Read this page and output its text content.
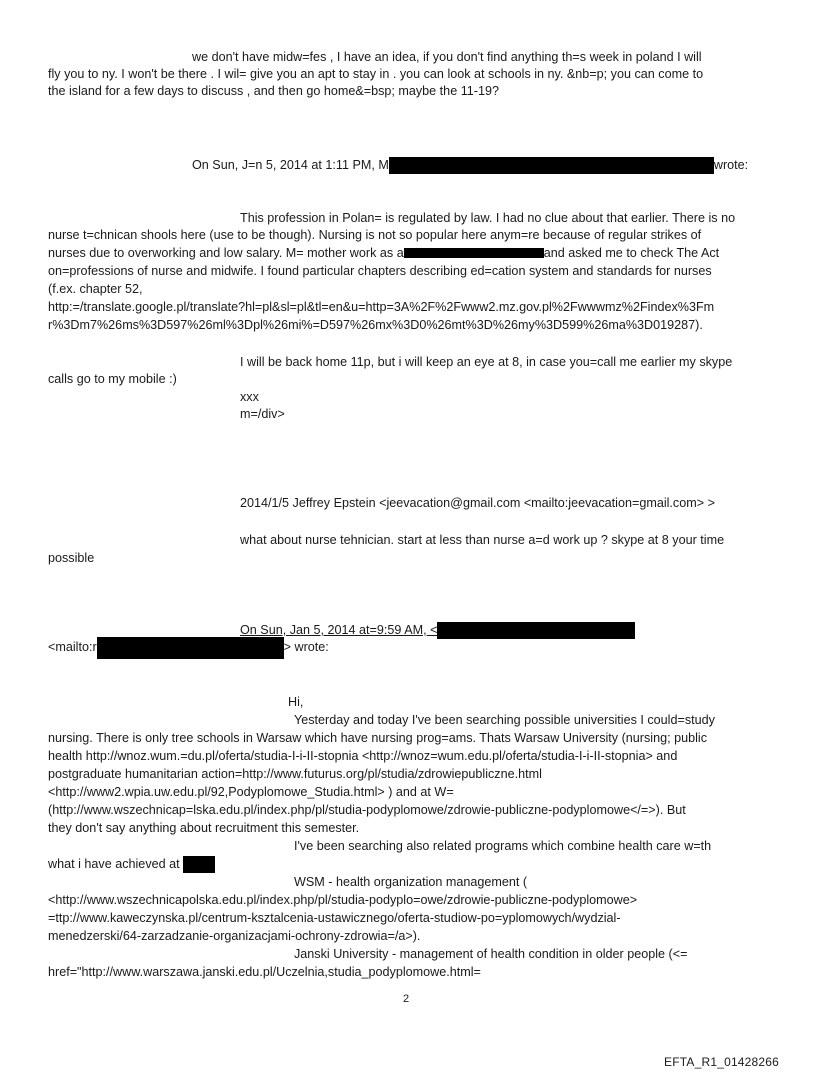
we don't have midw=fes , I have an idea, if you don't find anything th=s week in poland I will
fly you to ny. I won't be there . I wil= give you an apt to stay in . you can look at schools in ny. &nb=p; you can come to
the island for a few days to discuss , and then go home&=bsp; maybe the 11-19?
On Sun, J=n 5, 2014 at 1:11 PM, M	wrote:
This profession in Polan= is regulated by law. I had no clue about that earlier. There is no
nurse t=chnican shools here (use to be though). Nursing is not so popular here anym=re because of regular strikes of
nurses due to overworking and low salary. M= mother work as a	and asked me to check The Act
on=professions of nurse and midwife. I found particular chapters describing ed=cation system and standards for nurses
(f.ex. chapter 52,
http:=/translate.google.pl/translate?hl=pl&sl=pl&tl=en&u=http=3A%2F%2Fwww2.mz.gov.pl%2Fwwwmz%2Findex%3Fm
r%3Dm7%26ms%3D597%26ml%3Dpl%26mi%=D597%26mx%3D0%26mt%3D%26my%3D599%26ma%3D019287).
I will be back home 11p, but i will keep an eye at 8, in case you=call me earlier my skype
calls go to my mobile :)
xxx
m=/div>
2014/1/5 Jeffrey Epstein <jeevacation@gmail.com <mailto:jeevacation=gmail.com> >
what about nurse tehnician. start at less than nurse a=d work up ? skype at 8 your time
possible
On Sun, Jan 5, 2014 at=9:59 AM, <
<mailto:r	> wrote:
Hi,
Yesterday and today I've been searching possible universities I could=study
nursing. There is only tree schools in Warsaw which have nursing prog=ams. Thats Warsaw University (nursing; public
health http://wnoz.wum.=du.pl/oferta/studia-I-i-II-stopnia <http://wnoz=wum.edu.pl/oferta/studia-I-i-II-stopnia> and
postgraduate humanitarian action=http://www.futurus.org/pl/studia/zdrowiepubliczne.html
<http://www2.wpia.uw.edu.pl/92,Podyplomowe_Studia.html> ) and at W=
(http://www.wszechnicap=lska.edu.pl/index.php/pl/studia-podyplomowe/zdrowie-publiczne-podyplomowe</=>). But
they don't say anything about recruitment this semester.
I've been searching also related programs which combine health care w=th
what i have achieved at
WSM - health organization management (
<http://www.wszechnicapolska.edu.pl/index.php/pl/studia-podyplo=owe/zdrowie-publiczne-podyplomowe>
=ttp://www.kaweczynska.pl/centrum-ksztalcenia-ustawicznego/oferta-studiow-po=yplomowych/wydzial-
menedzerski/64-zarzadzanie-organizacjami-ochrony-zdrowia=/a>).
Janski University - management of health condition in older people (<=
href="http://www.warszawa.janski.edu.pl/Uczelnia,studia_podyplomowe.html=
2
EFTA_R1_01428266
